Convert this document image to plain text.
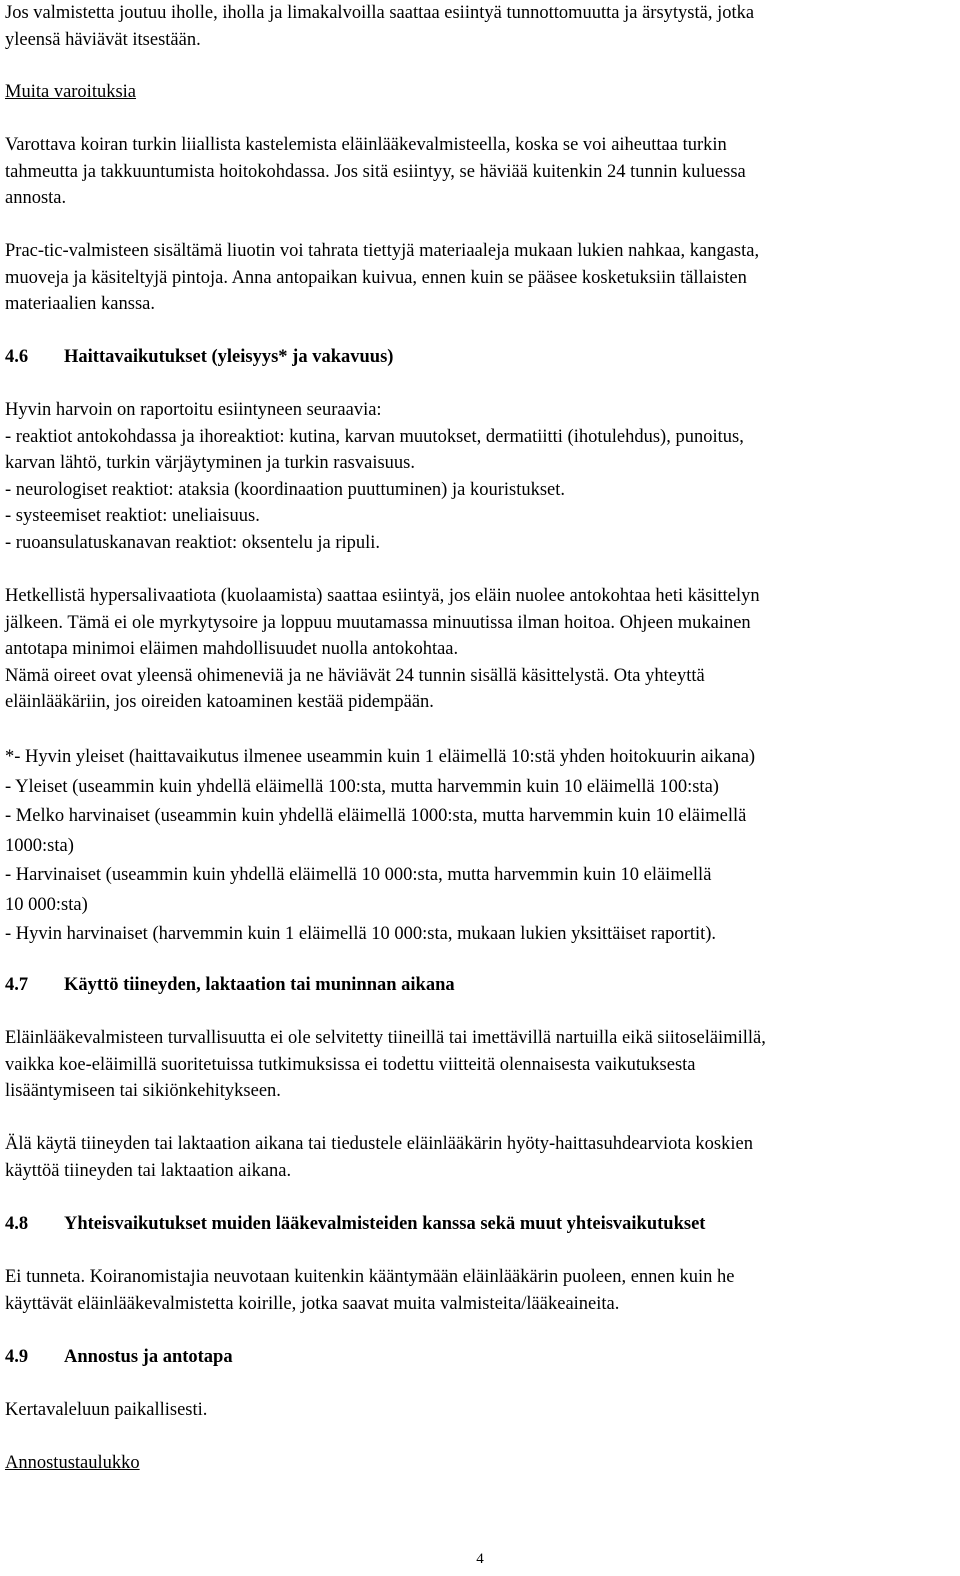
Jos valmistetta joutuu iholle, iholla ja limakalvoilla saattaa esiintyä tunnottomuutta ja ärsytystä, jotka
yleensä häviävät itsestään.

Muita varoituksia

Varottava koiran turkin liiallista kastelemista eläinlääkevalmisteella, koska se voi aiheuttaa turkin
tahmeutta ja takkuuntumista hoitokohdassa. Jos sitä esiintyy, se häviää kuitenkin 24 tunnin kuluessa
annosta.

Prac-tic-valmisteen sisältämä liuotin voi tahrata tiettyjä materiaaleja mukaan lukien nahkaa, kangasta,
muoveja ja käsiteltyjä pintoja. Anna antopaikan kuivua, ennen kuin se pääsee kosketuksiin tällaisten
materiaalien kanssa.

4.6 Haittavaikutukset (yleisyys* ja vakavuus)

Hyvin harvoin on raportoitu esiintyneen seuraavia:
- reaktiot antokohdassa ja ihoreaktiot: kutina, karvan muutokset, dermatiitti (ihotulehdus), punoitus,
karvan lähtö, turkin värjäytyminen ja turkin rasvaisuus.
- neurologiset reaktiot: ataksia (koordinaation puuttuminen) ja kouristukset.
- systeemiset reaktiot: uneliaisuus.
- ruoansulatuskanavan reaktiot: oksentelu ja ripuli.

Hetkellistä hypersalivaatiota (kuolaamista) saattaa esiintyä, jos eläin nuolee antokohtaa heti käsittelyn
jälkeen. Tämä ei ole myrkytysoire ja loppuu muutamassa minuutissa ilman hoitoa. Ohjeen mukainen
antotapa minimoi eläimen mahdollisuudet nuolla antokohtaa.
Nämä oireet ovat yleensä ohimeneviä ja ne häviävät 24 tunnin sisällä käsittelystä. Ota yhteyttä
eläinlääkäriin, jos oireiden katoaminen kestää pidempään.

*- Hyvin yleiset (haittavaikutus ilmenee useammin kuin 1 eläimellä 10:stä yhden hoitokuurin aikana)
- Yleiset (useammin kuin yhdellä eläimellä 100:sta, mutta harvemmin kuin 10 eläimellä 100:sta)
- Melko harvinaiset (useammin kuin yhdellä eläimellä 1000:sta, mutta harvemmin kuin 10 eläimellä
1000:sta)
- Harvinaiset (useammin kuin yhdellä eläimellä 10 000:sta, mutta harvemmin kuin 10 eläimellä
10 000:sta)
- Hyvin harvinaiset (harvemmin kuin 1 eläimellä 10 000:sta, mukaan lukien yksittäiset raportit).

4.7 Käyttö tiineyden, laktaation tai muninnan aikana

Eläinlääkevalmisteen turvallisuutta ei ole selvitetty tiineillä tai imettävillä nartuilla eikä siitoseläimillä,
vaikka koe-eläimillä suoritetuissa tutkimuksissa ei todettu viitteitä olennaisesta vaikutuksesta
lisääntymiseen tai sikiönkehitykseen.

Älä käytä tiineyden tai laktaation aikana tai tiedustele eläinlääkärin hyöty-haittasuhdearviota koskien
käyttöä tiineyden tai laktaation aikana.

4.8 Yhteisvaikutukset muiden lääkevalmisteiden kanssa sekä muut yhteisvaikutukset

Ei tunneta. Koiranomistajia neuvotaan kuitenkin kääntymään eläinlääkärin puoleen, ennen kuin he
käyttävät eläinlääkevalmistetta koirille, jotka saavat muita valmisteita/lääkeaineita.

4.9 Annostus ja antotapa

Kertavaleluun paikallisesti.

Annostustaulukko

4
